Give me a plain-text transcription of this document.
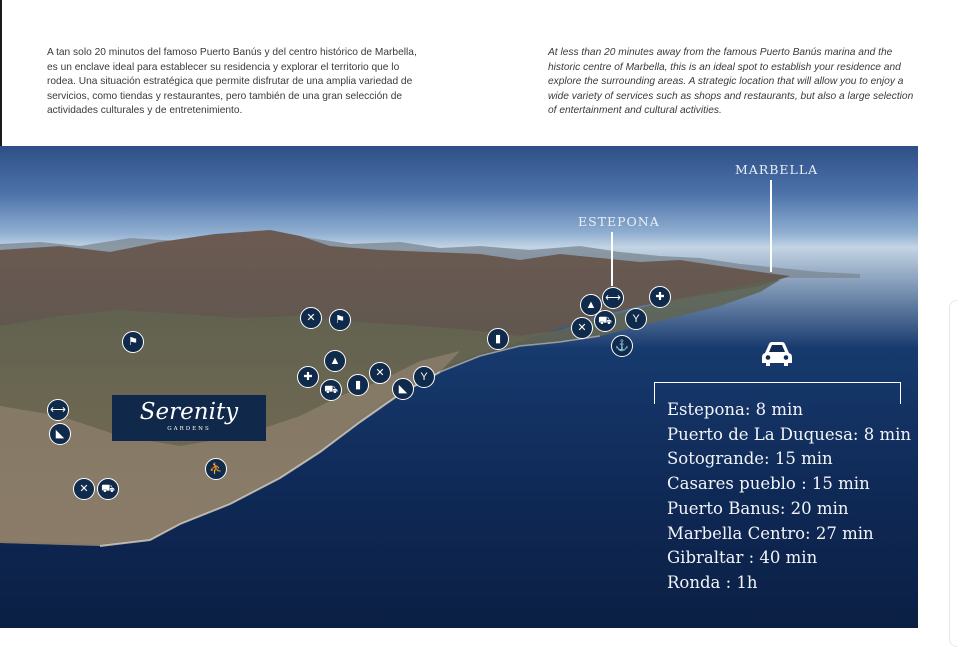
A tan solo 20 minutos del famoso Puerto Banús y del centro histórico de Marbella, es un enclave ideal para establecer su residencia y explorar el territorio que lo rodea. Una situación estratégica que permite disfrutar de una amplia variedad de servicios, como tiendas y restaurantes, pero también de una gran selección de actividades culturales y de entretenimiento.

At less than 20 minutes away from the famous Puerto Banús marina and the historic centre of Marbella, this is an ideal spot to establish your residence and explore the surrounding areas. A strategic location that will allow you to enjoy a wide variety of services such as shops and restaurants, but also a large selection of entertainment and cultural activities.

MARBELLA
ESTEPONA
✕ ⚑
⚑
▲
✚
⛟ ▮
✕
◣
Y
⟷
◣
⛹
✕ ⛟
▮
▲
⟷
✕
⛟ Y
✚
⚓
Serenity
GARDENS
Estepona: 8 min
Puerto de La Duquesa: 8 min
Sotogrande: 15 min
Casares pueblo : 15 min
Puerto Banus: 20 min
Marbella Centro: 27 min
Gibraltar : 40 min
Ronda : 1h
